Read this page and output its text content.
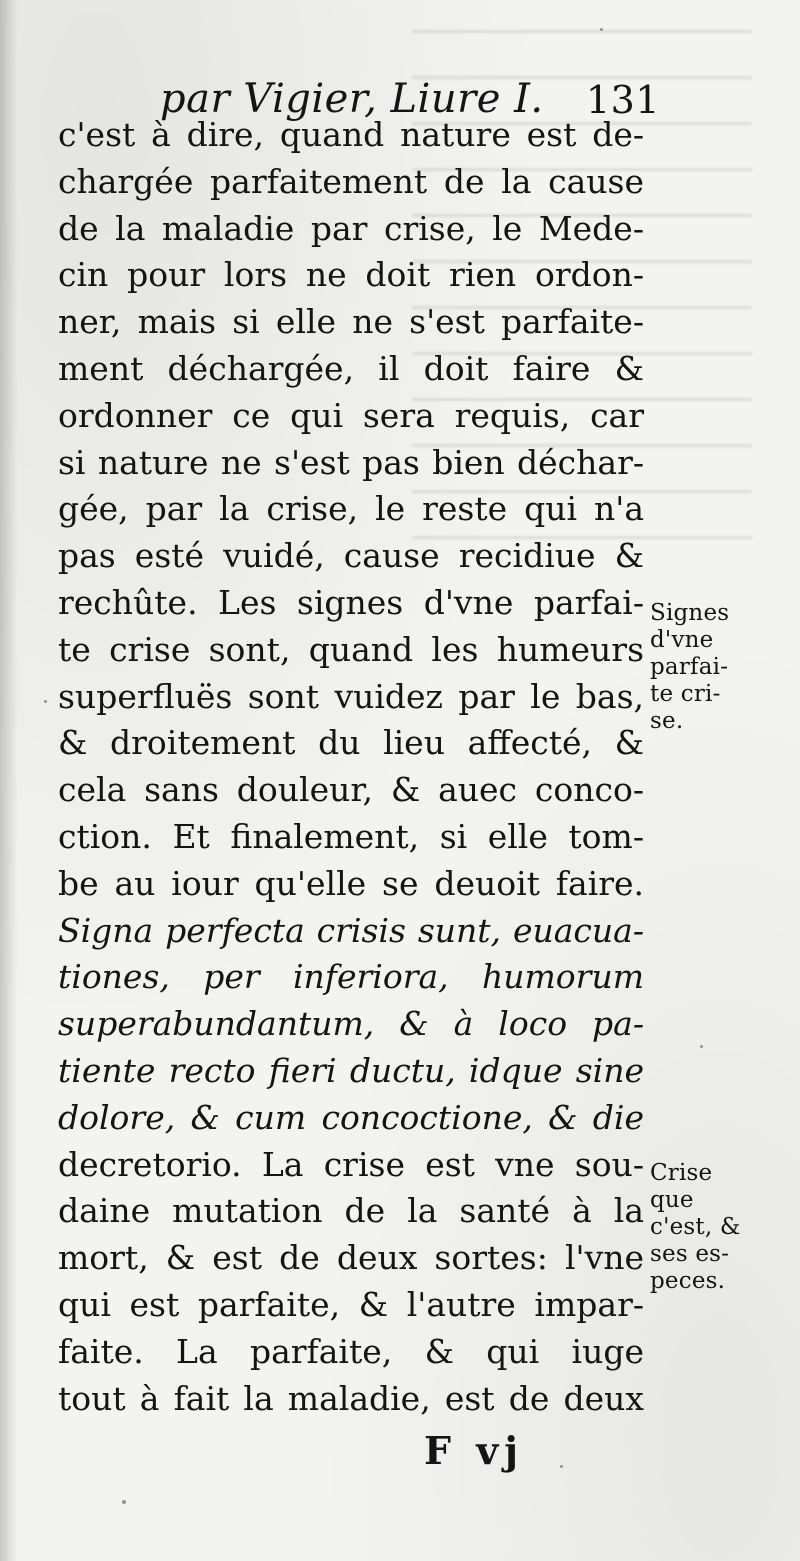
par Vigier, Liure I. 131
c'est à dire, quand nature est de-
chargée parfaitement de la cause
de la maladie par crise, le Mede-
cin pour lors ne doit rien ordon-
ner, mais si elle ne s'est parfaite-
ment déchargée, il doit faire &
ordonner ce qui sera requis, car
si nature ne s'est pas bien déchar-
gée, par la crise, le reste qui n'a
pas esté vuidé, cause recidiue &
rechûte. Les signes d'vne parfai-
te crise sont, quand les humeurs
superfluës sont vuidez par le bas,
& droitement du lieu affecté, &
cela sans douleur, & auec conco-
ction. Et finalement, si elle tom-
be au iour qu'elle se deuoit faire.
Signa perfecta crisis sunt, euacua-
tiones, per inferiora, humorum
superabundantum, & à loco pa-
tiente recto fieri ductu, idque sine
dolore, & cum concoctione, & die
decretorio. La crise est vne sou-
daine mutation de la santé à la
mort, & est de deux sortes: l'vne
qui est parfaite, & l'autre impar-
faite. La parfaite, & qui iuge
tout à fait la maladie, est de deux
Signes
d'vne
parfai-
te cri-
se.
Crise
que
c'est, &
ses es-
peces.
F vj
